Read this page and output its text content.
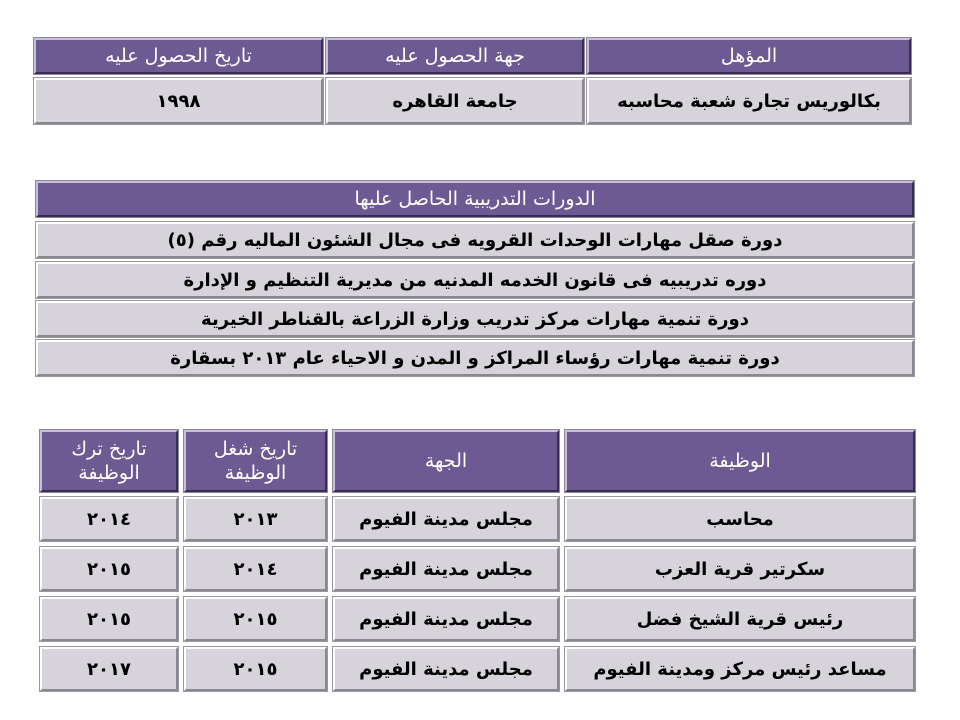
المؤهل
جهة الحصول عليه
تاريخ الحصول عليه
بكالوريس تجارة شعبة محاسبه
جامعة القاهره
١٩٩٨
الدورات التدريبية الحاصل عليها
دورة صقل مهارات الوحدات القرويه فى مجال الشئون الماليه رقم (٥)
دوره تدريبيه فى قانون الخدمه المدنيه من مديرية التنظيم و الإدارة
دورة تنمية مهارات مركز تدريب وزارة الزراعة بالقناطر الخيرية
دورة تنمية مهارات رؤساء المراكز و المدن و الاحياء عام ٢٠١٣ بسقارة
الوظيفة
الجهة
تاريخ شغل الوظيفة
تاريخ ترك الوظيفة
محاسب
مجلس مدينة الفيوم
٢٠١٣
٢٠١٤
سكرتير قرية العزب
مجلس مدينة الفيوم
٢٠١٤
٢٠١٥
رئيس قرية الشيخ فضل
مجلس مدينة الفيوم
٢٠١٥
٢٠١٥
مساعد رئيس مركز ومدينة الفيوم
مجلس مدينة الفيوم
٢٠١٥
٢٠١٧
